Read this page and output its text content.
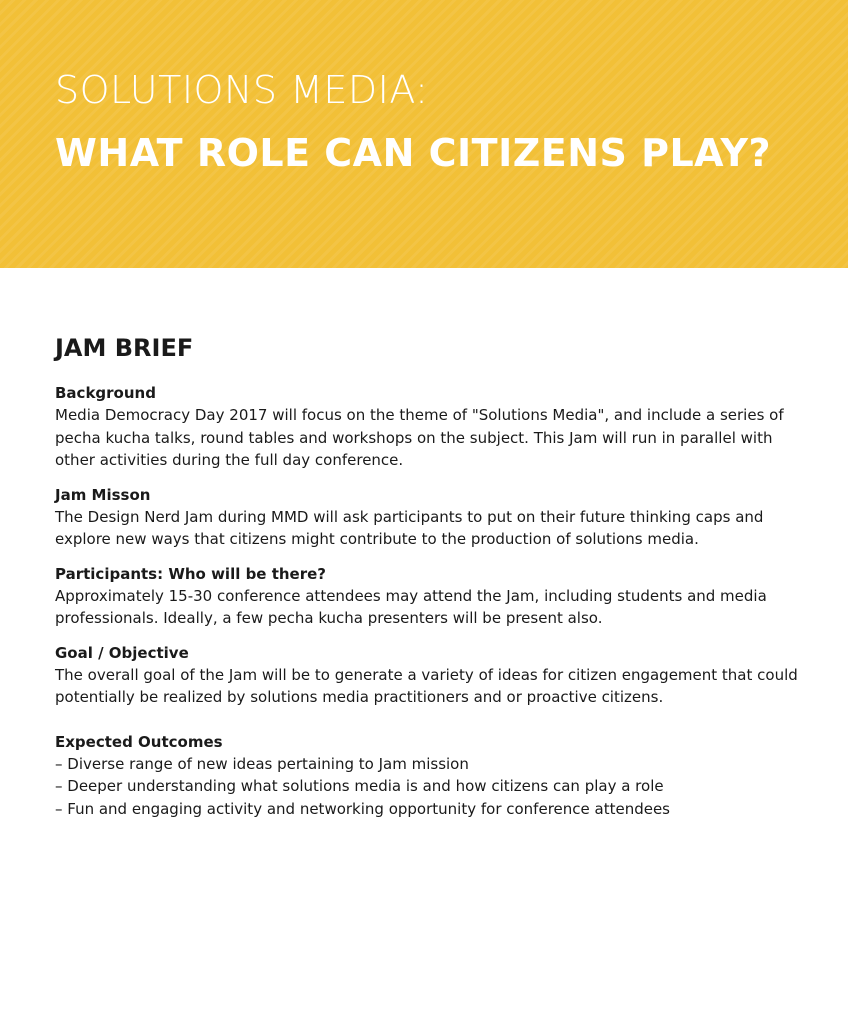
SOLUTIONS MEDIA:
WHAT ROLE CAN CITIZENS PLAY?
JAM BRIEF
Background
Media Democracy Day 2017 will focus on the theme of "Solutions Media", and include a series of pecha kucha talks, round tables and workshops on the subject. This Jam will run in parallel with other activities during the full day conference.
Jam Misson
The Design Nerd Jam during MMD will ask participants to put on their future thinking caps and explore new ways that citizens might contribute to the production of solutions media.
Participants: Who will be there?
Approximately 15-30 conference attendees may attend the Jam, including students and media professionals. Ideally, a few pecha kucha presenters will be present also.
Goal / Objective
The overall goal of the Jam will be to generate a variety of ideas for citizen engagement that could potentially be realized by solutions media practitioners and or proactive citizens.
Expected Outcomes
– Diverse range of new ideas pertaining to Jam mission
– Deeper understanding what solutions media is and how citizens can play a role
– Fun and engaging activity and networking opportunity for conference attendees
